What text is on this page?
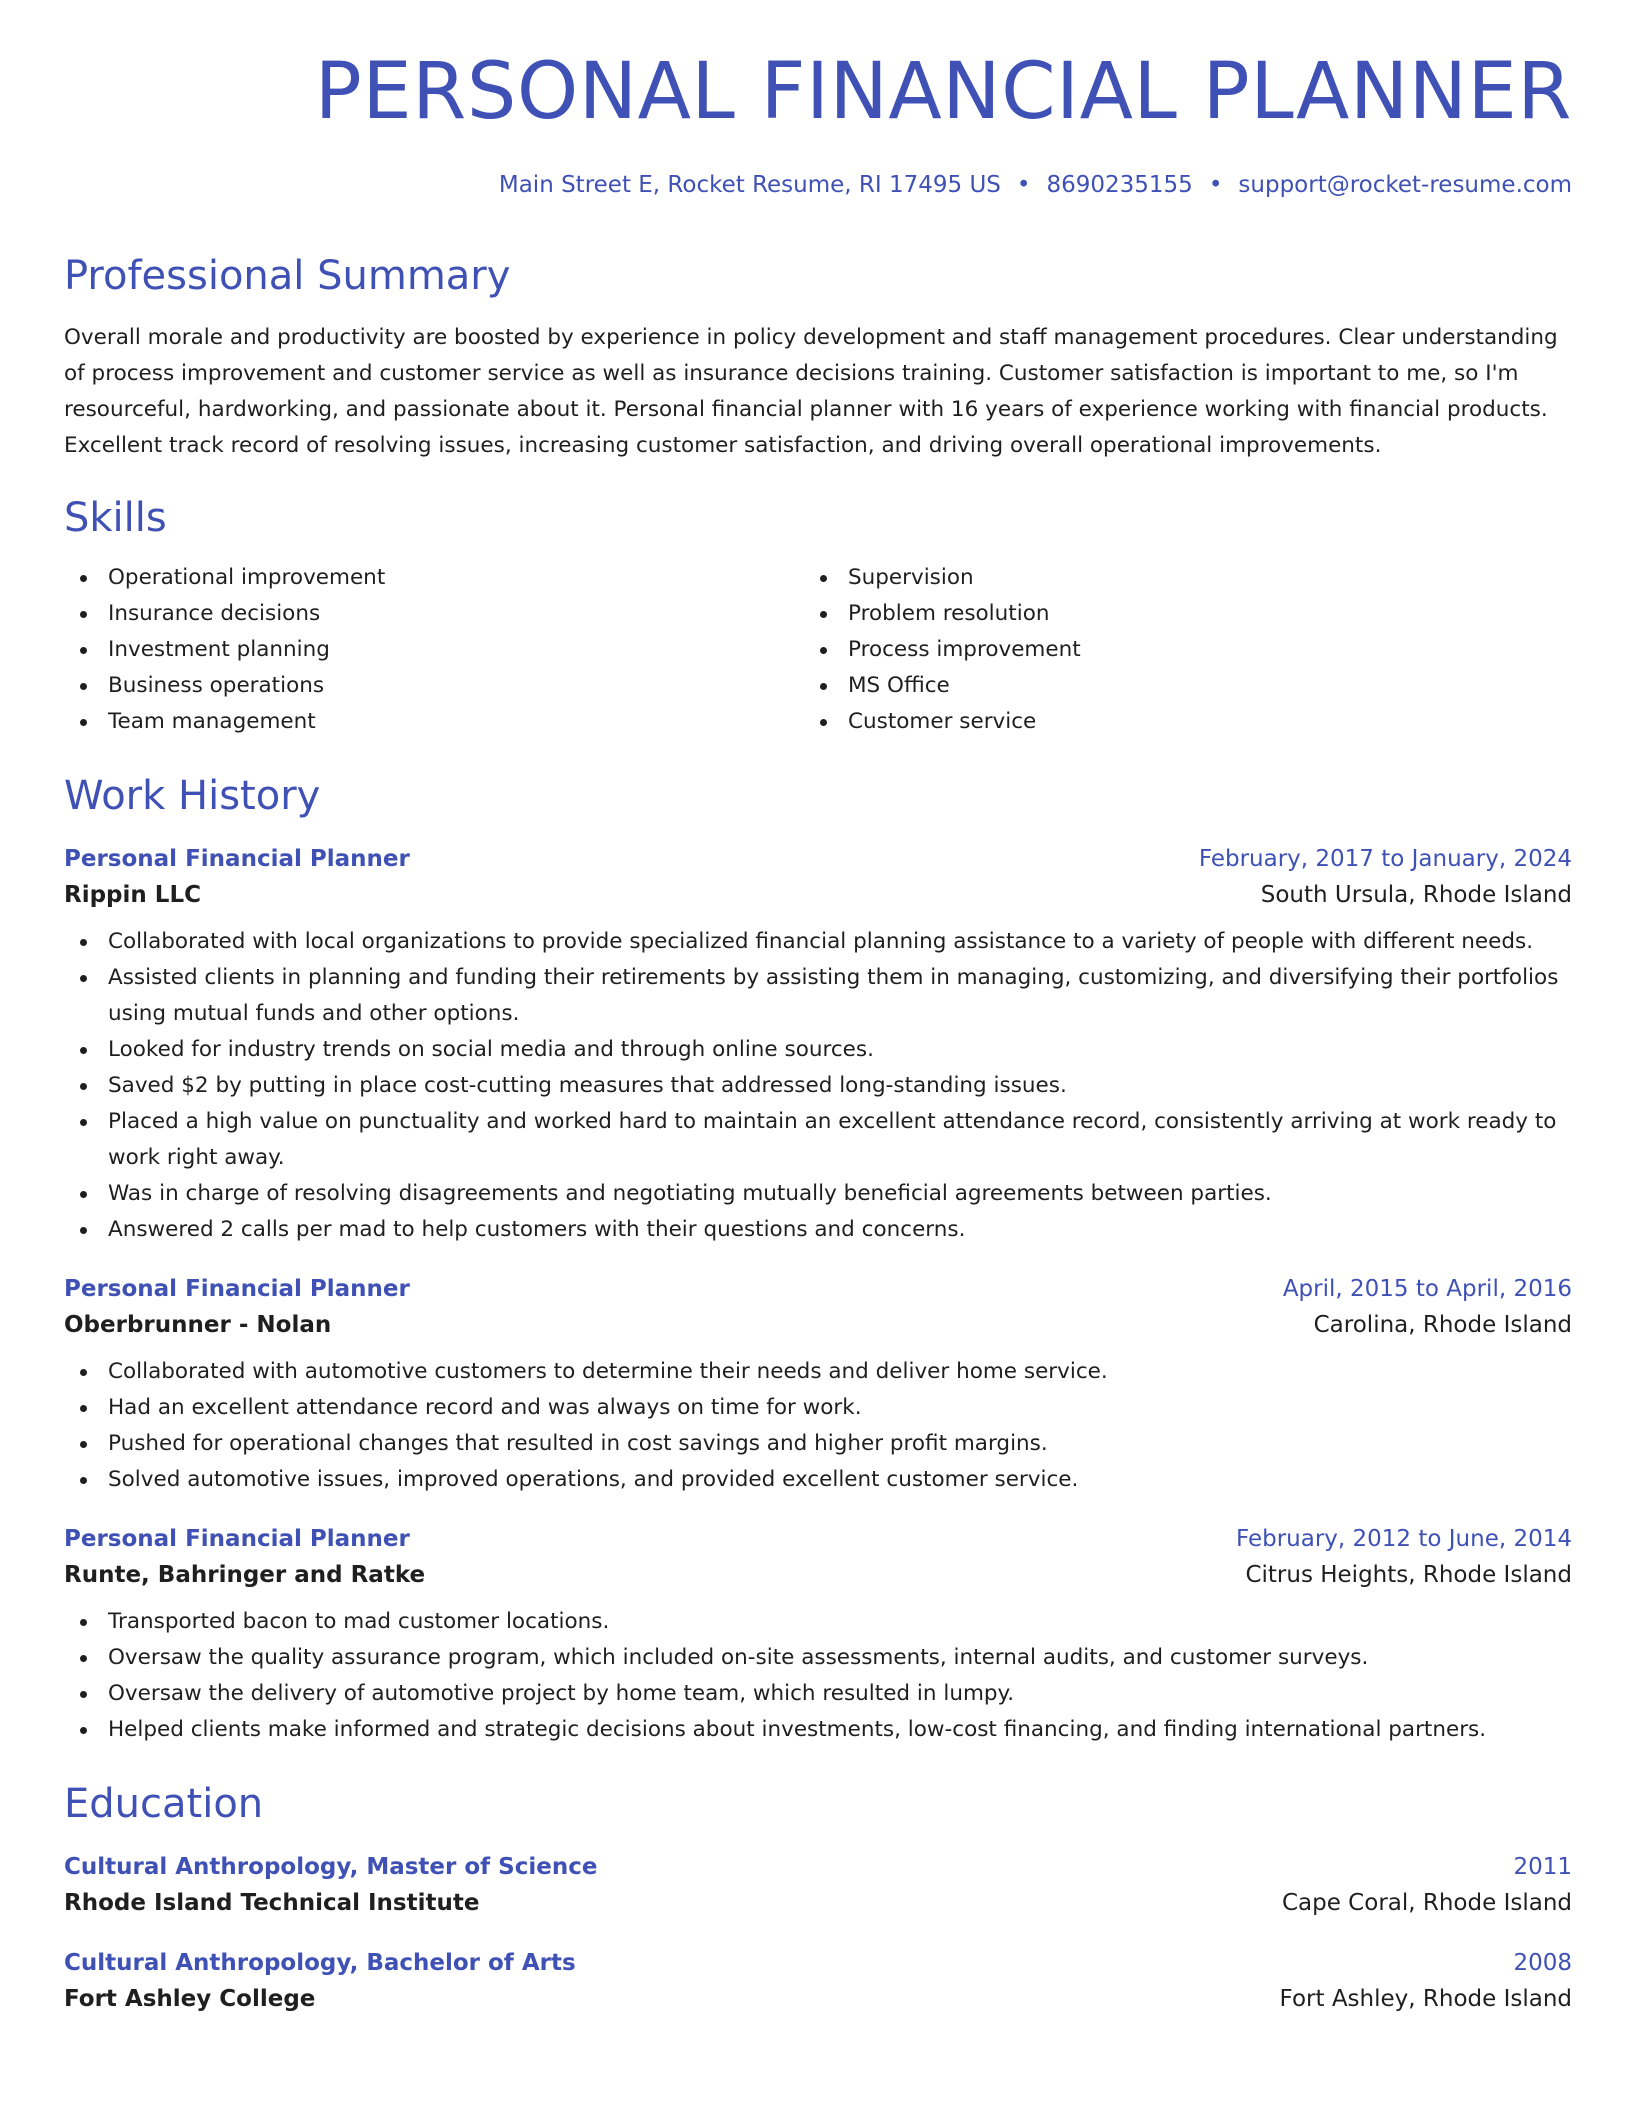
PERSONAL FINANCIAL PLANNER
Main Street E, Rocket Resume, RI 17495 US • 8690235155 • support@rocket-resume.com
Professional Summary

Overall morale and productivity are boosted by experience in policy development and staff management procedures. Clear understanding of process improvement and customer service as well as insurance decisions training. Customer satisfaction is important to me, so I'm resourceful, hardworking, and passionate about it. Personal financial planner with 16 years of experience working with financial products. Excellent track record of resolving issues, increasing customer satisfaction, and driving overall operational improvements.

Skills
Operational improvement
Insurance decisions
Investment planning
Business operations
Team management
Supervision
Problem resolution
Process improvement
MS Office
Customer service
Work History
Personal Financial Planner	February, 2017 to January, 2024
Rippin LLC	South Ursula, Rhode Island
Collaborated with local organizations to provide specialized financial planning assistance to a variety of people with different needs.
Assisted clients in planning and funding their retirements by assisting them in managing, customizing, and diversifying their portfolios using mutual funds and other options.
Looked for industry trends on social media and through online sources.
Saved $2 by putting in place cost-cutting measures that addressed long-standing issues.
Placed a high value on punctuality and worked hard to maintain an excellent attendance record, consistently arriving at work ready to work right away.
Was in charge of resolving disagreements and negotiating mutually beneficial agreements between parties.
Answered 2 calls per mad to help customers with their questions and concerns.
Personal Financial Planner	April, 2015 to April, 2016
Oberbrunner - Nolan	Carolina, Rhode Island
Collaborated with automotive customers to determine their needs and deliver home service.
Had an excellent attendance record and was always on time for work.
Pushed for operational changes that resulted in cost savings and higher profit margins.
Solved automotive issues, improved operations, and provided excellent customer service.
Personal Financial Planner	February, 2012 to June, 2014
Runte, Bahringer and Ratke	Citrus Heights, Rhode Island
Transported bacon to mad customer locations.
Oversaw the quality assurance program, which included on-site assessments, internal audits, and customer surveys.
Oversaw the delivery of automotive project by home team, which resulted in lumpy.
Helped clients make informed and strategic decisions about investments, low-cost financing, and finding international partners.
Education
Cultural Anthropology, Master of Science	2011
Rhode Island Technical Institute	Cape Coral, Rhode Island
Cultural Anthropology, Bachelor of Arts	2008
Fort Ashley College	Fort Ashley, Rhode Island
